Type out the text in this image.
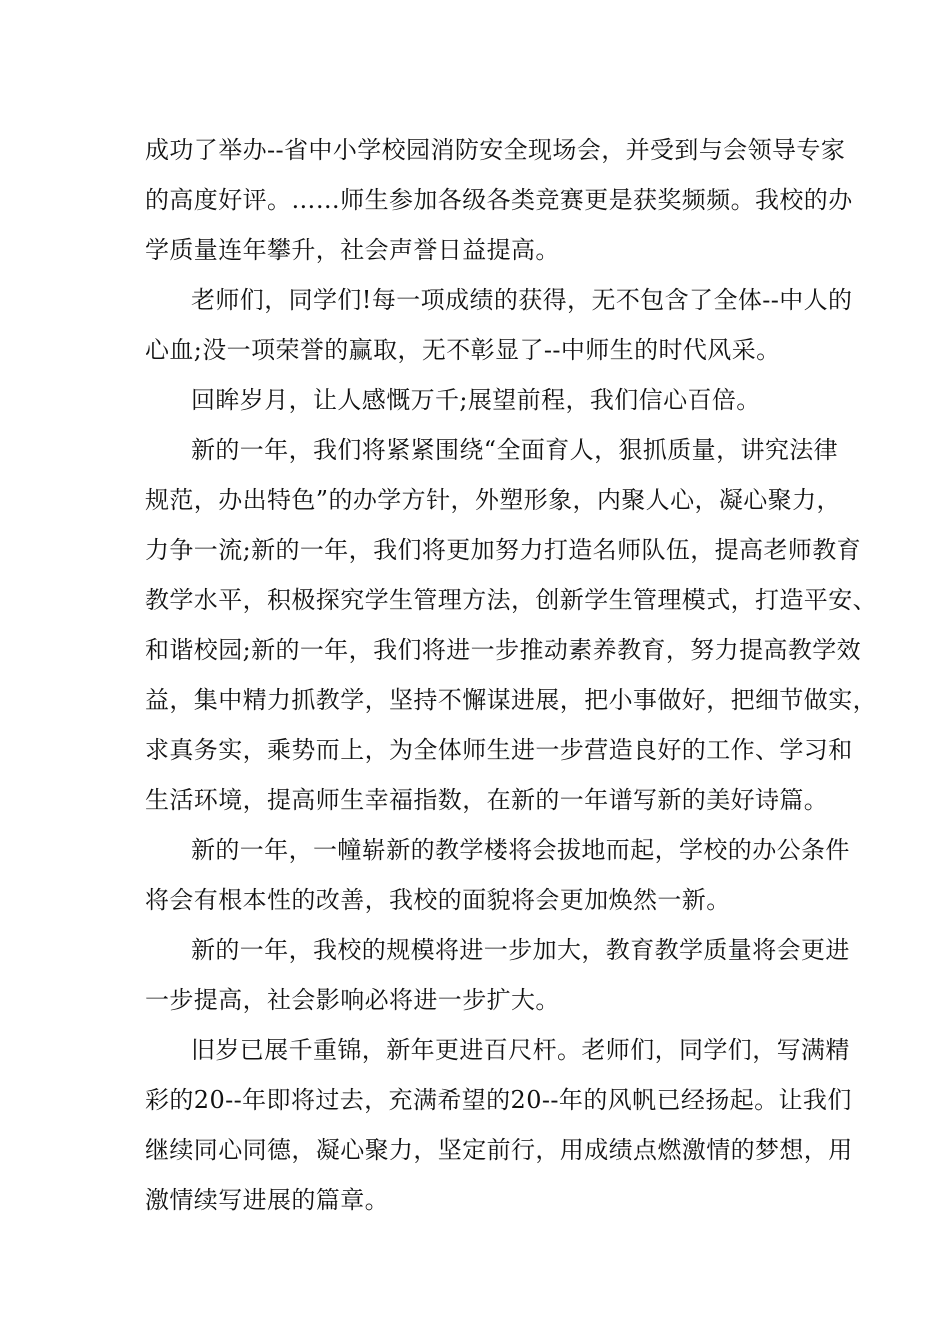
成功了举办--省中小学校园消防安全现场会，并受到与会领导专家
的高度好评。……师生参加各级各类竞赛更是获奖频频。我校的办
学质量连年攀升，社会声誉日益提高。
老师们，同学们!每一项成绩的获得，无不包含了全体--中人的
心血;没一项荣誉的赢取，无不彰显了--中师生的时代风采。
回眸岁月，让人感慨万千;展望前程，我们信心百倍。
新的一年，我们将紧紧围绕“全面育人，狠抓质量，讲究法律
规范，办出特色”的办学方针，外塑形象，内聚人心，凝心聚力，
力争一流;新的一年，我们将更加努力打造名师队伍，提高老师教育
教学水平，积极探究学生管理方法，创新学生管理模式，打造平安、
和谐校园;新的一年，我们将进一步推动素养教育，努力提高教学效
益，集中精力抓教学，坚持不懈谋进展，把小事做好，把细节做实，
求真务实，乘势而上，为全体师生进一步营造良好的工作、学习和
生活环境，提高师生幸福指数，在新的一年谱写新的美好诗篇。
新的一年，一幢崭新的教学楼将会拔地而起，学校的办公条件
将会有根本性的改善，我校的面貌将会更加焕然一新。
新的一年，我校的规模将进一步加大，教育教学质量将会更进
一步提高，社会影响必将进一步扩大。
旧岁已展千重锦，新年更进百尺杆。老师们，同学们，写满精
彩的20--年即将过去，充满希望的20--年的风帆已经扬起。让我们
继续同心同德，凝心聚力，坚定前行，用成绩点燃激情的梦想，用
激情续写进展的篇章。
